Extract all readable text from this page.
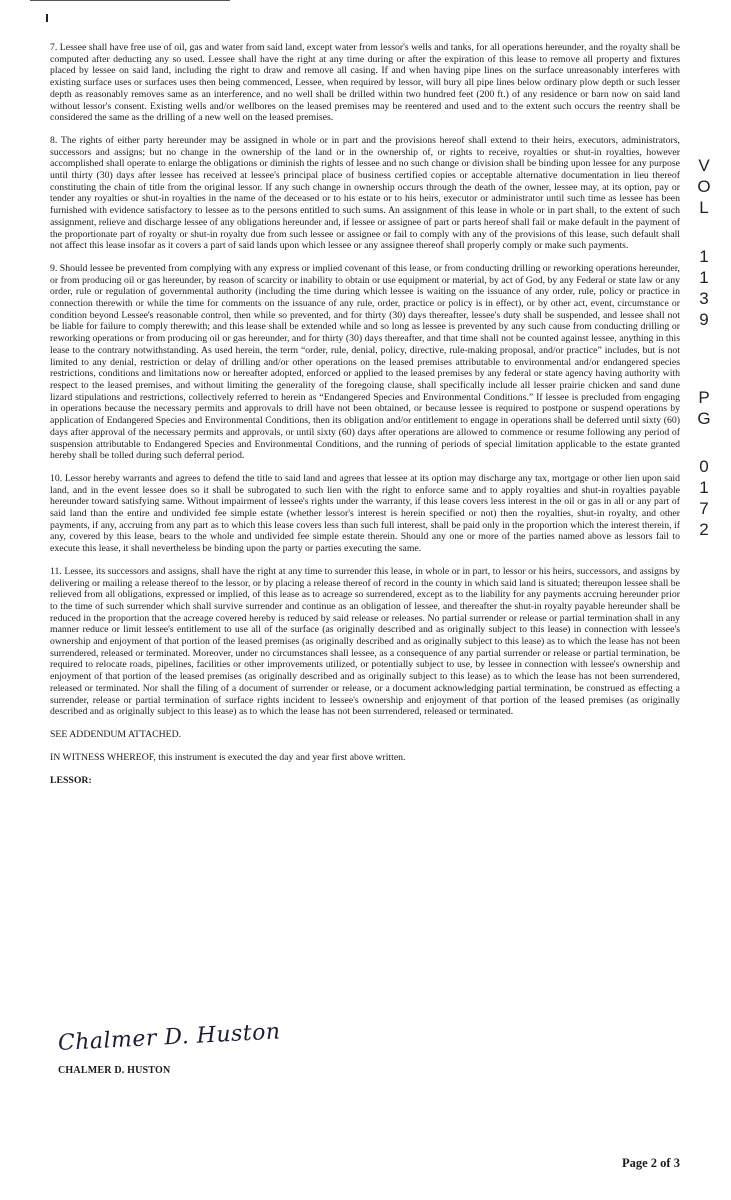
7. Lessee shall have free use of oil, gas and water from said land, except water from lessor's wells and tanks, for all operations hereunder, and the royalty shall be computed after deducting any so used. Lessee shall have the right at any time during or after the expiration of this lease to remove all property and fixtures placed by lessee on said land, including the right to draw and remove all casing. If and when having pipe lines on the surface unreasonably interferes with existing surface uses or surfaces uses then being commenced, Lessee, when required by lessor, will bury all pipe lines below ordinary plow depth or such lesser depth as reasonably removes same as an interference, and no well shall be drilled within two hundred feet (200 ft.) of any residence or barn now on said land without lessor's consent. Existing wells and/or wellbores on the leased premises may be reentered and used and to the extent such occurs the reentry shall be considered the same as the drilling of a new well on the leased premises.

8. The rights of either party hereunder may be assigned in whole or in part and the provisions hereof shall extend to their heirs, executors, administrators, successors and assigns; but no change in the ownership of the land or in the ownership of, or rights to receive, royalties or shut-in royalties, however accomplished shall operate to enlarge the obligations or diminish the rights of lessee and no such change or division shall be binding upon lessee for any purpose until thirty (30) days after lessee has received at lessee's principal place of business certified copies or acceptable alternative documentation in lieu thereof constituting the chain of title from the original lessor. If any such change in ownership occurs through the death of the owner, lessee may, at its option, pay or tender any royalties or shut-in royalties in the name of the deceased or to his estate or to his heirs, executor or administrator until such time as lessee has been furnished with evidence satisfactory to lessee as to the persons entitled to such sums. An assignment of this lease in whole or in part shall, to the extent of such assignment, relieve and discharge lessee of any obligations hereunder and, if lessee or assignee of part or parts hereof shall fail or make default in the payment of the proportionate part of royalty or shut-in royalty due from such lessee or assignee or fail to comply with any of the provisions of this lease, such default shall not affect this lease insofar as it covers a part of said lands upon which lessee or any assignee thereof shall properly comply or make such payments.

9. Should lessee be prevented from complying with any express or implied covenant of this lease, or from conducting drilling or reworking operations hereunder, or from producing oil or gas hereunder, by reason of scarcity or inability to obtain or use equipment or material, by act of God, by any Federal or state law or any order, rule or regulation of governmental authority (including the time during which lessee is waiting on the issuance of any order, rule, policy or practice in connection therewith or while the time for comments on the issuance of any rule, order, practice or policy is in effect), or by other act, event, circumstance or condition beyond Lessee's reasonable control, then while so prevented, and for thirty (30) days thereafter, lessee's duty shall be suspended, and lessee shall not be liable for failure to comply therewith; and this lease shall be extended while and so long as lessee is prevented by any such cause from conducting drilling or reworking operations or from producing oil or gas hereunder, and for thirty (30) days thereafter, and that time shall not be counted against lessee, anything in this lease to the contrary notwithstanding. As used herein, the term “order, rule, denial, policy, directive, rule-making proposal, and/or practice” includes, but is not limited to any denial, restriction or delay of drilling and/or other operations on the leased premises attributable to environmental and/or endangered species restrictions, conditions and limitations now or hereafter adopted, enforced or applied to the leased premises by any federal or state agency having authority with respect to the leased premises, and without limiting the generality of the foregoing clause, shall specifically include all lesser prairie chicken and sand dune lizard stipulations and restrictions, collectively referred to herein as “Endangered Species and Environmental Conditions.” If lessee is precluded from engaging in operations because the necessary permits and approvals to drill have not been obtained, or because lessee is required to postpone or suspend operations by application of Endangered Species and Environmental Conditions, then its obligation and/or entitlement to engage in operations shall be deferred until sixty (60) days after approval of the necessary permits and approvals, or until sixty (60) days after operations are allowed to commence or resume following any period of suspension attributable to Endangered Species and Environmental Conditions, and the running of periods of special limitation applicable to the estate granted hereby shall be tolled during such deferral period.

10. Lessor hereby warrants and agrees to defend the title to said land and agrees that lessee at its option may discharge any tax, mortgage or other lien upon said land, and in the event lessee does so it shall be subrogated to such lien with the right to enforce same and to apply royalties and shut-in royalties payable hereunder toward satisfying same. Without impairment of lessee's rights under the warranty, if this lease covers less interest in the oil or gas in all or any part of said land than the entire and undivided fee simple estate (whether lessor's interest is herein specified or not) then the royalties, shut-in royalty, and other payments, if any, accruing from any part as to which this lease covers less than such full interest, shall be paid only in the proportion which the interest therein, if any, covered by this lease, bears to the whole and undivided fee simple estate therein. Should any one or more of the parties named above as lessors fail to execute this lease, it shall nevertheless be binding upon the party or parties executing the same.

11. Lessee, its successors and assigns, shall have the right at any time to surrender this lease, in whole or in part, to lessor or his heirs, successors, and assigns by delivering or mailing a release thereof to the lessor, or by placing a release thereof of record in the county in which said land is situated; thereupon lessee shall be relieved from all obligations, expressed or implied, of this lease as to acreage so surrendered, except as to the liability for any payments accruing hereunder prior to the time of such surrender which shall survive surrender and continue as an obligation of lessee, and thereafter the shut-in royalty payable hereunder shall be reduced in the proportion that the acreage covered hereby is reduced by said release or releases. No partial surrender or release or partial termination shall in any manner reduce or limit lessee's entitlement to use all of the surface (as originally described and as originally subject to this lease) in connection with lessee's ownership and enjoyment of that portion of the leased premises (as originally described and as originally subject to this lease) as to which the lease has not been surrendered, released or terminated. Moreover, under no circumstances shall lessee, as a consequence of any partial surrender or release or partial termination, be required to relocate roads, pipelines, facilities or other improvements utilized, or potentially subject to use, by lessee in connection with lessee's ownership and enjoyment of that portion of the leased premises (as originally described and as originally subject to this lease) as to which the lease has not been surrendered, released or terminated. Nor shall the filing of a document of surrender or release, or a document acknowledging partial termination, be construed as effecting a surrender, release or partial termination of surface rights incident to lessee's ownership and enjoyment of that portion of the leased premises (as originally described and as originally subject to this lease) as to which the lease has not been surrendered, released or terminated.

SEE ADDENDUM ATTACHED.

IN WITNESS WHEREOF, this instrument is executed the day and year first above written.

LESSOR:

Chalmer D. Huston
CHALMER D. HUSTON
V
O
L
1
1
3
9
P
G
0
1
7
2
Page 2 of 3
